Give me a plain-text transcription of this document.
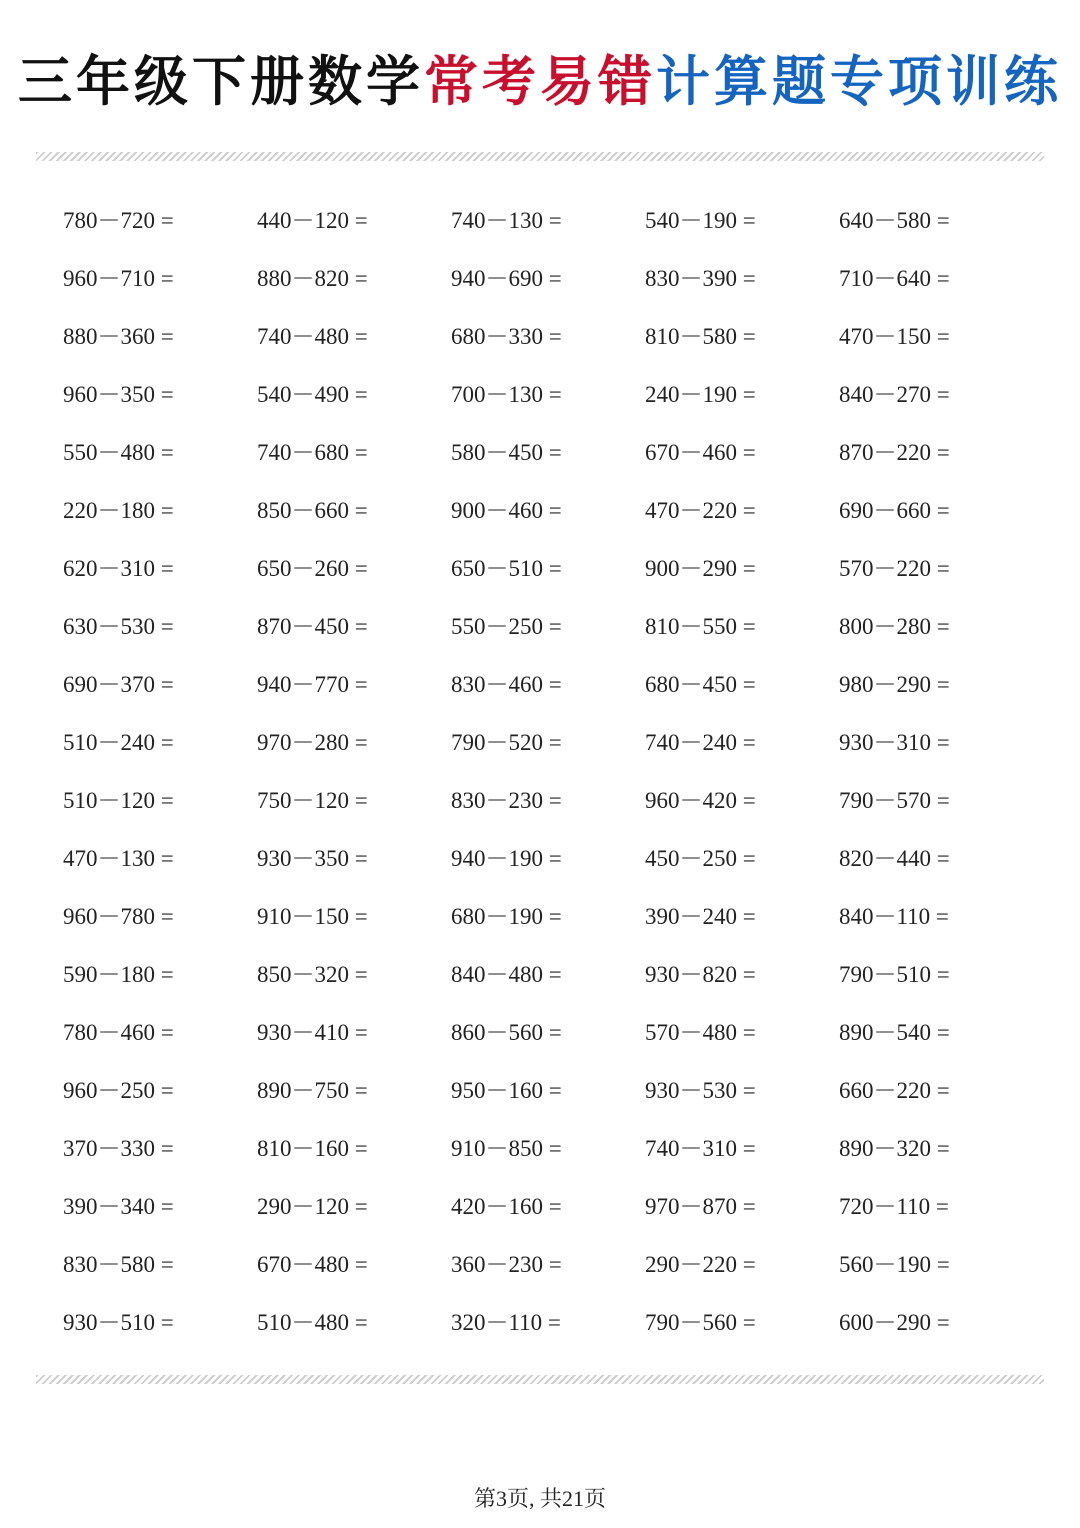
三年级下册数学常考易错计算题专项训练
780－720 =	440－120 =	740－130 =	540－190 =	640－580 =
960－710 =	880－820 =	940－690 =	830－390 =	710－640 =
880－360 =	740－480 =	680－330 =	810－580 =	470－150 =
960－350 =	540－490 =	700－130 =	240－190 =	840－270 =
550－480 =	740－680 =	580－450 =	670－460 =	870－220 =
220－180 =	850－660 =	900－460 =	470－220 =	690－660 =
620－310 =	650－260 =	650－510 =	900－290 =	570－220 =
630－530 =	870－450 =	550－250 =	810－550 =	800－280 =
690－370 =	940－770 =	830－460 =	680－450 =	980－290 =
510－240 =	970－280 =	790－520 =	740－240 =	930－310 =
510－120 =	750－120 =	830－230 =	960－420 =	790－570 =
470－130 =	930－350 =	940－190 =	450－250 =	820－440 =
960－780 =	910－150 =	680－190 =	390－240 =	840－110 =
590－180 =	850－320 =	840－480 =	930－820 =	790－510 =
780－460 =	930－410 =	860－560 =	570－480 =	890－540 =
960－250 =	890－750 =	950－160 =	930－530 =	660－220 =
370－330 =	810－160 =	910－850 =	740－310 =	890－320 =
390－340 =	290－120 =	420－160 =	970－870 =	720－110 =
830－580 =	670－480 =	360－230 =	290－220 =	560－190 =
930－510 =	510－480 =	320－110 =	790－560 =	600－290 =
第3页, 共21页
